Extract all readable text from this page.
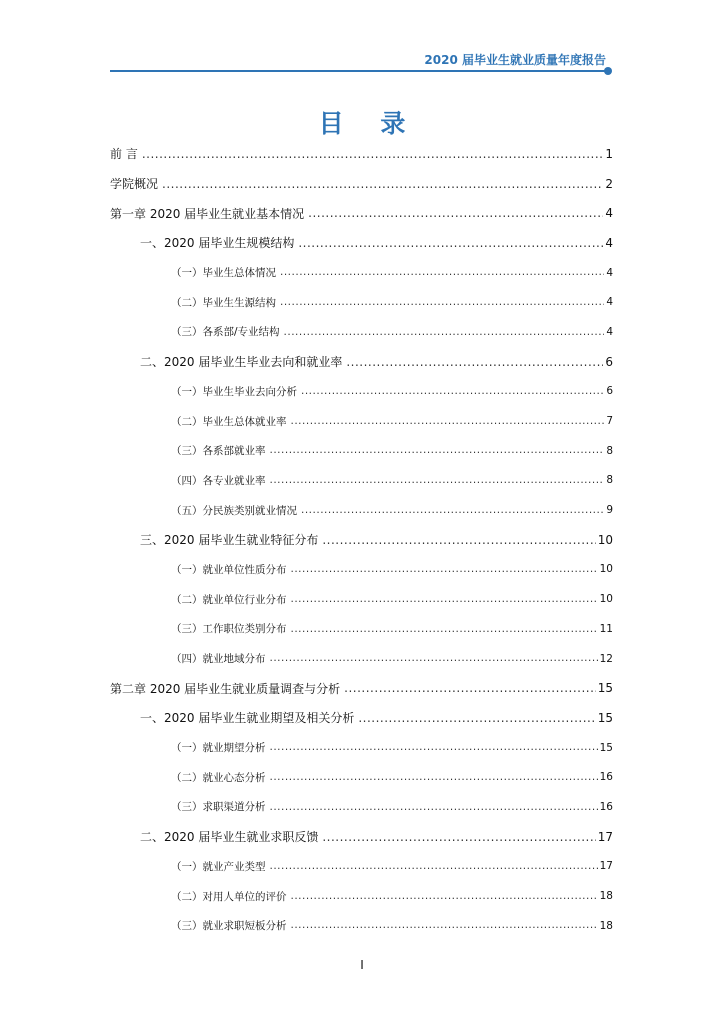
2020 届毕业生就业质量年度报告
目 录
前 言 .....	1
学院概况 .....	2
第一章 2020 届毕业生就业基本情况 .....	4
一、2020 届毕业生规模结构 .....	4
（一）毕业生总体情况 .....	4
（二）毕业生生源结构 .....	4
（三）各系部/专业结构 .....	4
二、2020 届毕业生毕业去向和就业率 .....	6
（一）毕业生毕业去向分析 .....	6
（二）毕业生总体就业率 .....	7
（三）各系部就业率 .....	8
（四）各专业就业率 .....	8
（五）分民族类别就业情况 .....	9
三、2020 届毕业生就业特征分布 .....	10
（一）就业单位性质分布 .....	10
（二）就业单位行业分布 .....	10
（三）工作职位类别分布 .....	11
（四）就业地域分布 .....	12
第二章 2020 届毕业生就业质量调查与分析 .....	15
一、2020 届毕业生就业期望及相关分析 .....	15
（一）就业期望分析 .....	15
（二）就业心态分析 .....	16
（三）求职渠道分析 .....	16
二、2020 届毕业生就业求职反馈 .....	17
（一）就业产业类型 .....	17
（二）对用人单位的评价 .....	18
（三）就业求职短板分析 .....	18
I
